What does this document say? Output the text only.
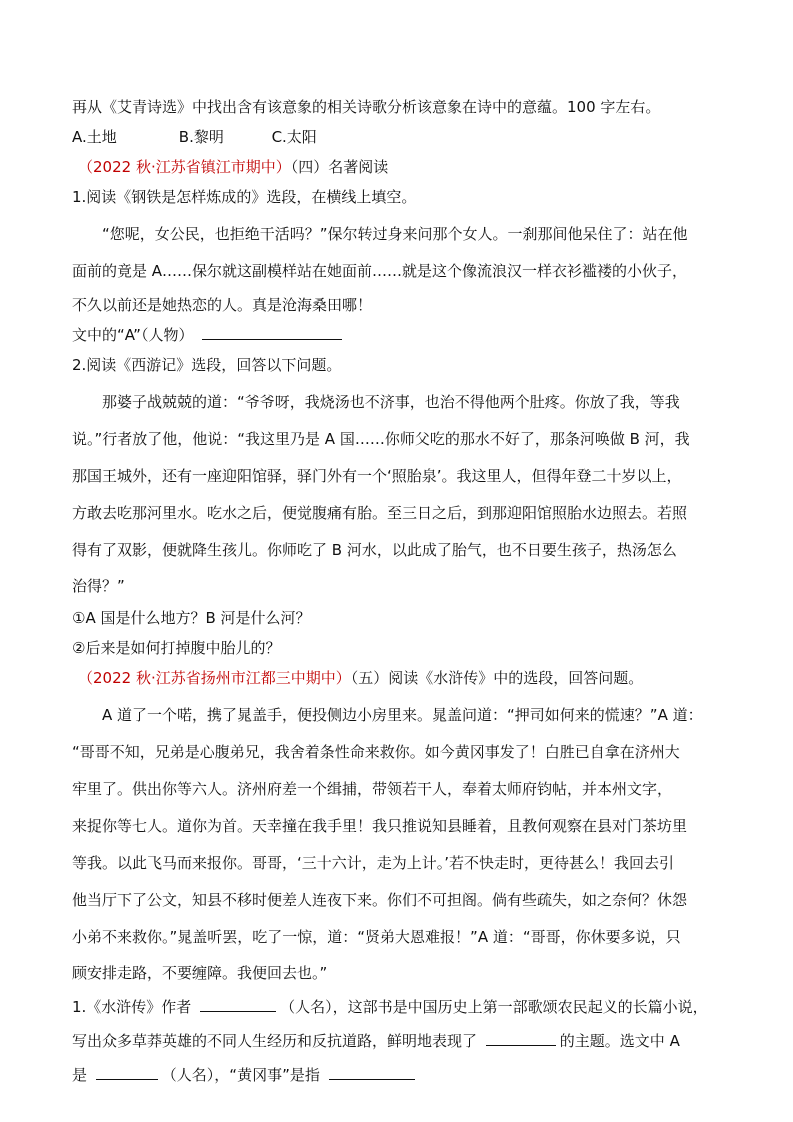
再从《艾青诗选》中找出含有该意象的相关诗歌分析该意象在诗中的意蕴。100 字左右。
A.土地	B.黎明	C.太阳
（2022 秋·江苏省镇江市期中）（四）名著阅读
1.阅读《钢铁是怎样炼成的》选段，在横线上填空。
“您呢，女公民，也拒绝干活吗？”保尔转过身来问那个女人。一刹那间他呆住了：站在他
面前的竟是 A……保尔就这副模样站在她面前……就是这个像流浪汉一样衣衫褴褛的小伙子，
不久以前还是她热恋的人。真是沧海桑田哪！
文中的“A”（人物）
2.阅读《西游记》选段，回答以下问题。
那婆子战兢兢的道：“爷爷呀，我烧汤也不济事，也治不得他两个肚疼。你放了我，等我
说。”行者放了他，他说：“我这里乃是 A 国……你师父吃的那水不好了，那条河唤做 B 河，我
那国王城外，还有一座迎阳馆驿，驿门外有一个‘照胎泉’。我这里人，但得年登二十岁以上，
方敢去吃那河里水。吃水之后，便觉腹痛有胎。至三日之后，到那迎阳馆照胎水边照去。若照
得有了双影，便就降生孩儿。你师吃了 B 河水，以此成了胎气，也不日要生孩子，热汤怎么
治得？”
①A 国是什么地方？B 河是什么河？
②后来是如何打掉腹中胎儿的？
（2022 秋·江苏省扬州市江都三中期中）（五）阅读《水浒传》中的选段，回答问题。
A 道了一个喏，携了晁盖手，便投侧边小房里来。晁盖问道：“押司如何来的慌速？”A 道：
“哥哥不知，兄弟是心腹弟兄，我舍着条性命来救你。如今黄冈事发了！白胜已自拿在济州大
牢里了。供出你等六人。济州府差一个缉捕，带领若干人，奉着太师府钧帖，并本州文字，
来捉你等七人。道你为首。天幸撞在我手里！我只推说知县睡着，且教何观察在县对门茶坊里
等我。以此飞马而来报你。哥哥，‘三十六计，走为上计。’若不快走时，更待甚么！我回去引
他当厅下了公文，知县不移时便差人连夜下来。你们不可担阁。倘有些疏失，如之奈何？休怨
小弟不来救你。”晁盖听罢，吃了一惊，道：“贤弟大恩难报！”A 道：“哥哥，你休要多说，只
顾安排走路，不要缠障。我便回去也。”
1.《水浒传》作者	（人名），这部书是中国历史上第一部歌颂农民起义的长篇小说，
写出众多草莽英雄的不同人生经历和反抗道路，鲜明地表现了	的主题。选文中 A
是	（人名），“黄冈事”是指
